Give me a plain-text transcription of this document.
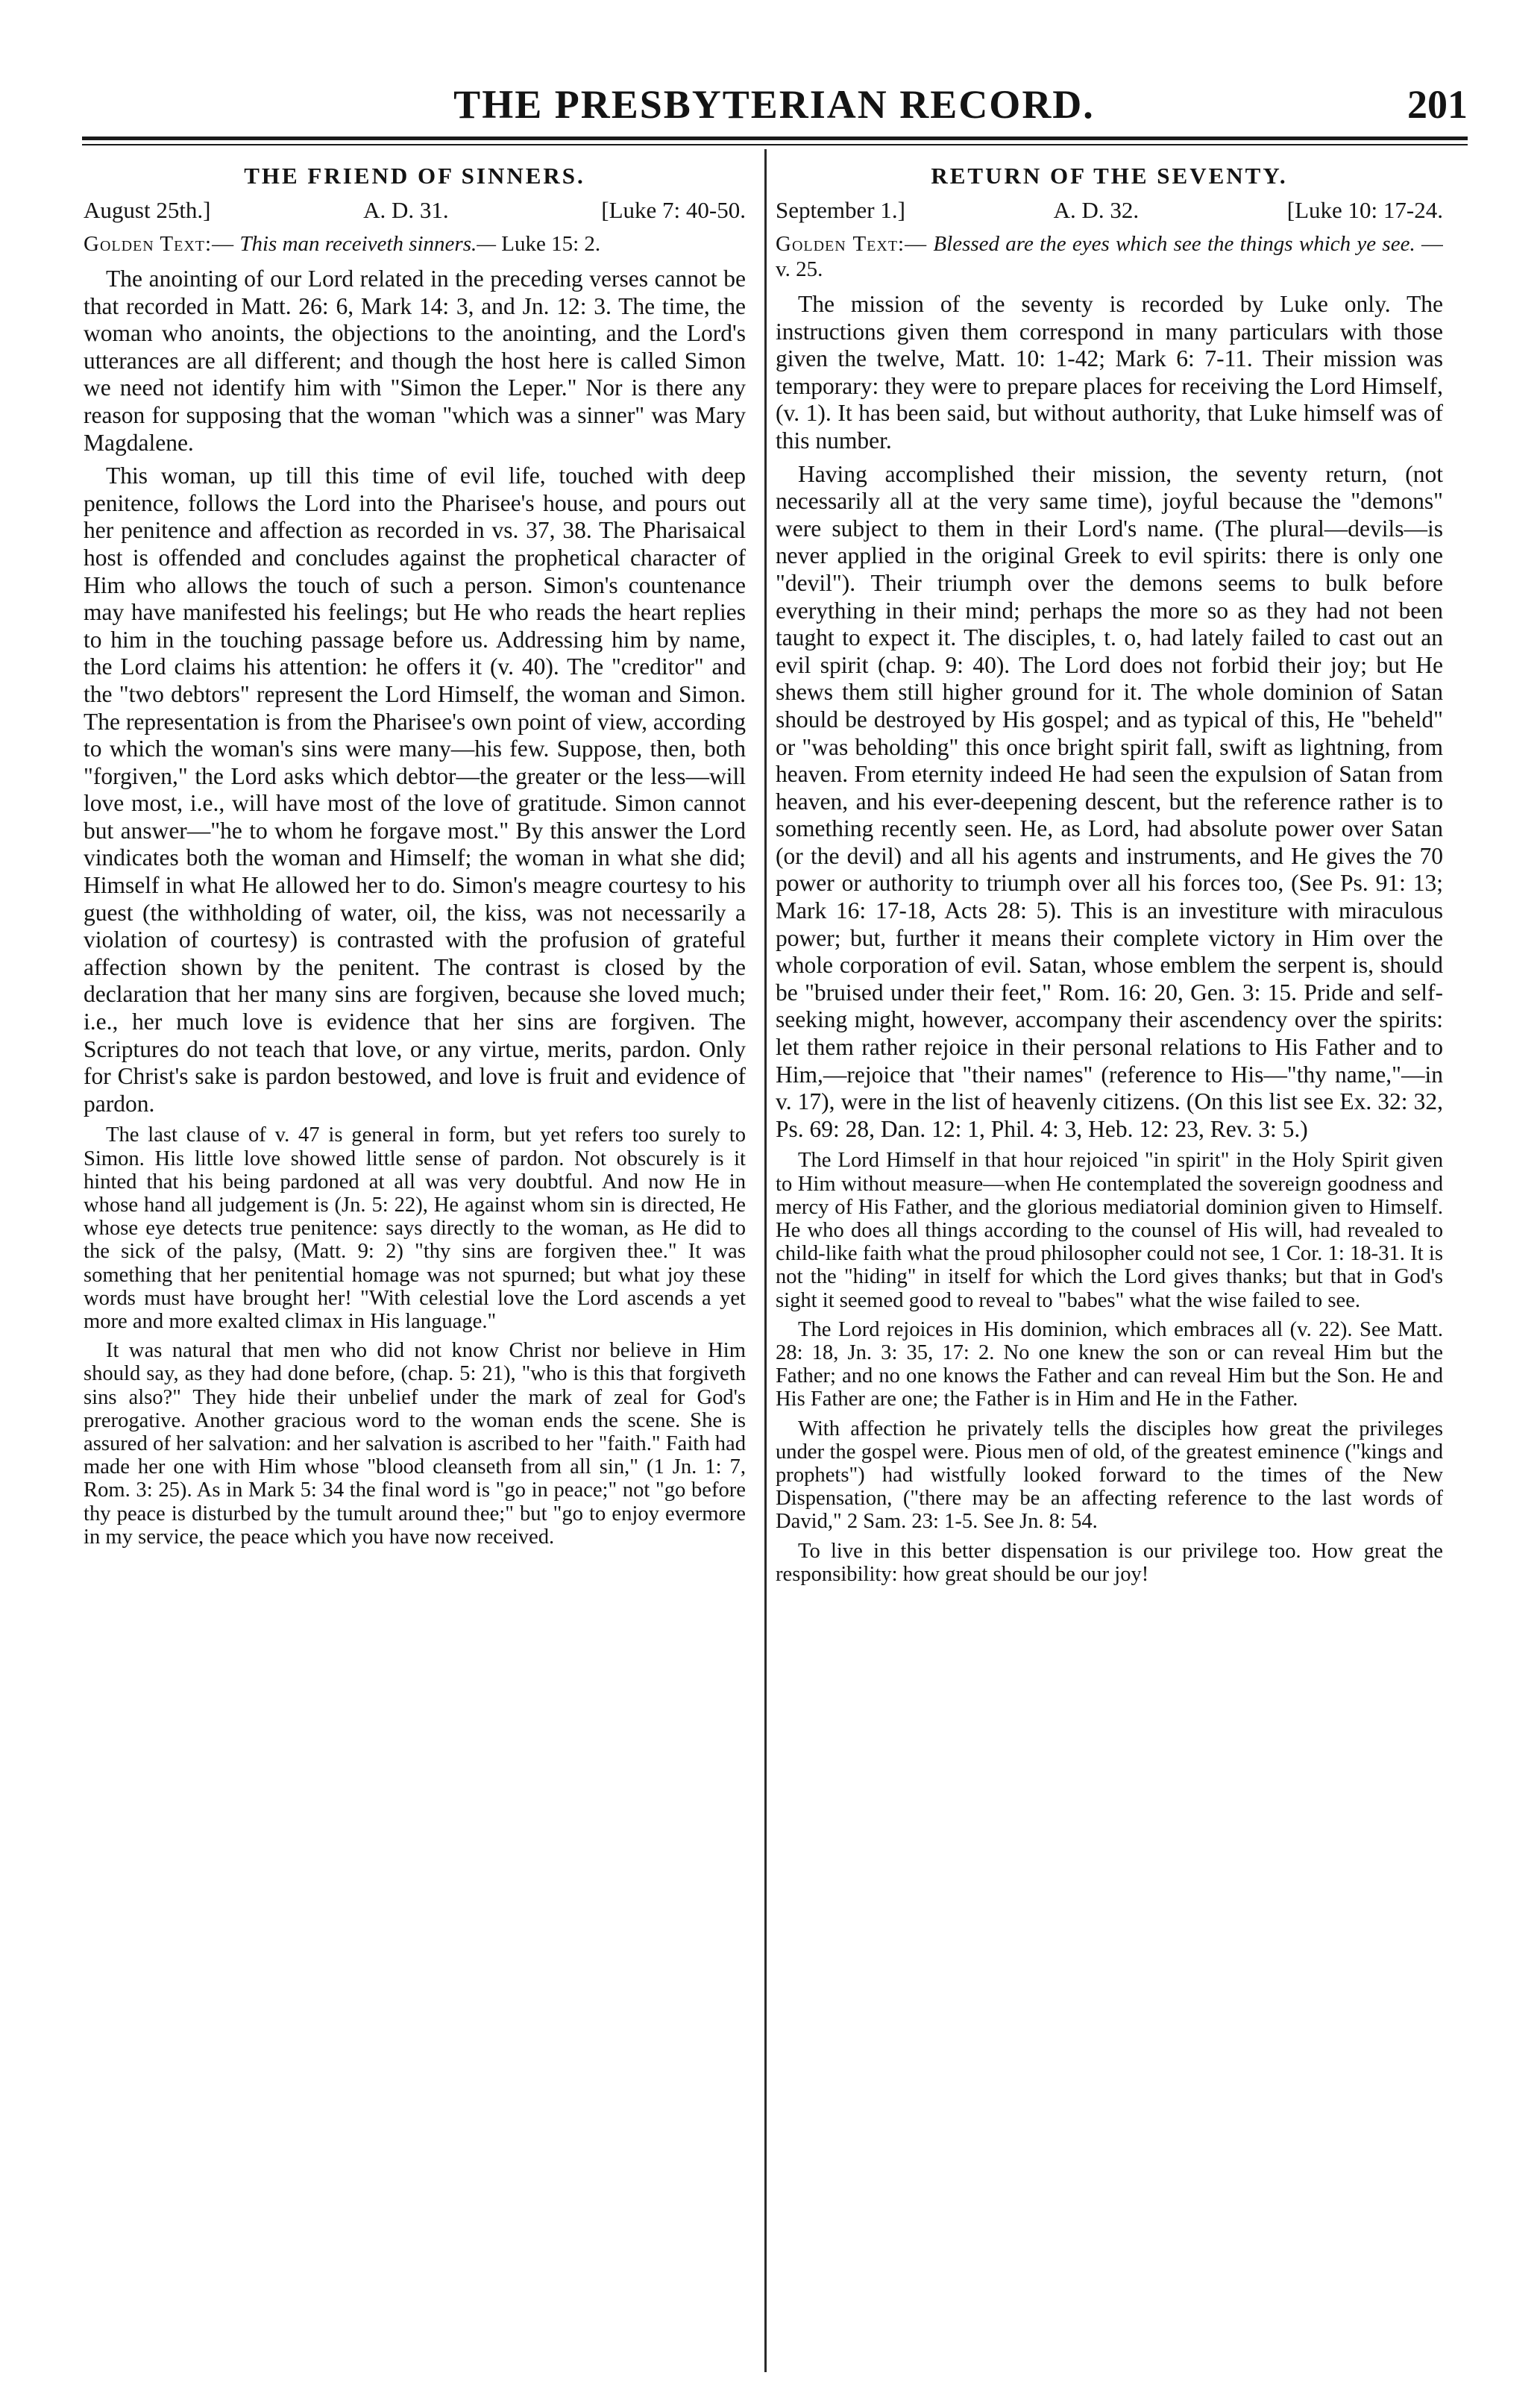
THE PRESBYTERIAN RECORD.	201
THE FRIEND OF SINNERS.
August 25th.]	A. D. 31.	[Luke 7: 40-50.
Golden Text:— This man receiveth sinners.— Luke 15: 2.

The anointing of our Lord related in the preceding verses cannot be that recorded in Matt. 26: 6, Mark 14: 3, and Jn. 12: 3. The time, the woman who anoints, the objections to the anointing, and the Lord's utterances are all different; and though the host here is called Simon we need not identify him with "Simon the Leper." Nor is there any reason for supposing that the woman "which was a sinner" was Mary Magdalene.

This woman, up till this time of evil life, touched with deep penitence, follows the Lord into the Pharisee's house, and pours out her penitence and affection as recorded in vs. 37, 38. The Pharisaical host is offended and concludes against the prophetical character of Him who allows the touch of such a person. Simon's countenance may have manifested his feelings; but He who reads the heart replies to him in the touching passage before us. Addressing him by name, the Lord claims his attention: he offers it (v. 40). The "creditor" and the "two debtors" represent the Lord Himself, the woman and Simon. The representation is from the Pharisee's own point of view, according to which the woman's sins were many—his few. Suppose, then, both "forgiven," the Lord asks which debtor—the greater or the less—will love most, i.e., will have most of the love of gratitude. Simon cannot but answer—"he to whom he forgave most." By this answer the Lord vindicates both the woman and Himself; the woman in what she did; Himself in what He allowed her to do. Simon's meagre courtesy to his guest (the withholding of water, oil, the kiss, was not necessarily a violation of courtesy) is contrasted with the profusion of grateful affection shown by the penitent. The contrast is closed by the declaration that her many sins are forgiven, because she loved much; i.e., her much love is evidence that her sins are forgiven. The Scriptures do not teach that love, or any virtue, merits, pardon. Only for Christ's sake is pardon bestowed, and love is fruit and evidence of pardon.

The last clause of v. 47 is general in form, but yet refers too surely to Simon. His little love showed little sense of pardon. Not obscurely is it hinted that his being pardoned at all was very doubtful. And now He in whose hand all judgement is (Jn. 5: 22), He against whom sin is directed, He whose eye detects true penitence: says directly to the woman, as He did to the sick of the palsy, (Matt. 9: 2) "thy sins are forgiven thee." It was something that her penitential homage was not spurned; but what joy these words must have brought her! "With celestial love the Lord ascends a yet more and more exalted climax in His language."

It was natural that men who did not know Christ nor believe in Him should say, as they had done before, (chap. 5: 21), "who is this that forgiveth sins also?" They hide their unbelief under the mark of zeal for God's prerogative. Another gracious word to the woman ends the scene. She is assured of her salvation: and her salvation is ascribed to her "faith." Faith had made her one with Him whose "blood cleanseth from all sin," (1 Jn. 1: 7, Rom. 3: 25). As in Mark 5: 34 the final word is "go in peace;" not "go before thy peace is disturbed by the tumult around thee;" but "go to enjoy evermore in my service, the peace which you have now received.

RETURN OF THE SEVENTY.
September 1.]	A. D. 32.	[Luke 10: 17-24.
Golden Text:— Blessed are the eyes which see the things which ye see. —v. 25.

The mission of the seventy is recorded by Luke only. The instructions given them correspond in many particulars with those given the twelve, Matt. 10: 1-42; Mark 6: 7-11. Their mission was temporary: they were to prepare places for receiving the Lord Himself, (v. 1). It has been said, but without authority, that Luke himself was of this number.

Having accomplished their mission, the seventy return, (not necessarily all at the very same time), joyful because the "demons" were subject to them in their Lord's name. (The plural—devils—is never applied in the original Greek to evil spirits: there is only one "devil"). Their triumph over the demons seems to bulk before everything in their mind; perhaps the more so as they had not been taught to expect it. The disciples, t. o, had lately failed to cast out an evil spirit (chap. 9: 40). The Lord does not forbid their joy; but He shews them still higher ground for it. The whole dominion of Satan should be destroyed by His gospel; and as typical of this, He "beheld" or "was beholding" this once bright spirit fall, swift as lightning, from heaven. From eternity indeed He had seen the expulsion of Satan from heaven, and his ever-deepening descent, but the reference rather is to something recently seen. He, as Lord, had absolute power over Satan (or the devil) and all his agents and instruments, and He gives the 70 power or authority to triumph over all his forces too, (See Ps. 91: 13; Mark 16: 17-18, Acts 28: 5). This is an investiture with miraculous power; but, further it means their complete victory in Him over the whole corporation of evil. Satan, whose emblem the serpent is, should be "bruised under their feet," Rom. 16: 20, Gen. 3: 15. Pride and self-seeking might, however, accompany their ascendency over the spirits: let them rather rejoice in their personal relations to His Father and to Him,—rejoice that "their names" (reference to His—"thy name,"—in v. 17), were in the list of heavenly citizens. (On this list see Ex. 32: 32, Ps. 69: 28, Dan. 12: 1, Phil. 4: 3, Heb. 12: 23, Rev. 3: 5.)

The Lord Himself in that hour rejoiced "in spirit" in the Holy Spirit given to Him without measure—when He contemplated the sovereign goodness and mercy of His Father, and the glorious mediatorial dominion given to Himself. He who does all things according to the counsel of His will, had revealed to child-like faith what the proud philosopher could not see, 1 Cor. 1: 18-31. It is not the "hiding" in itself for which the Lord gives thanks; but that in God's sight it seemed good to reveal to "babes" what the wise failed to see.

The Lord rejoices in His dominion, which embraces all (v. 22). See Matt. 28: 18, Jn. 3: 35, 17: 2. No one knew the son or can reveal Him but the Father; and no one knows the Father and can reveal Him but the Son. He and His Father are one; the Father is in Him and He in the Father.

With affection he privately tells the disciples how great the privileges under the gospel were. Pious men of old, of the greatest eminence ("kings and prophets") had wistfully looked forward to the times of the New Dispensation, ("there may be an affecting reference to the last words of David," 2 Sam. 23: 1-5. See Jn. 8: 54.

To live in this better dispensation is our privilege too. How great the responsibility: how great should be our joy!
